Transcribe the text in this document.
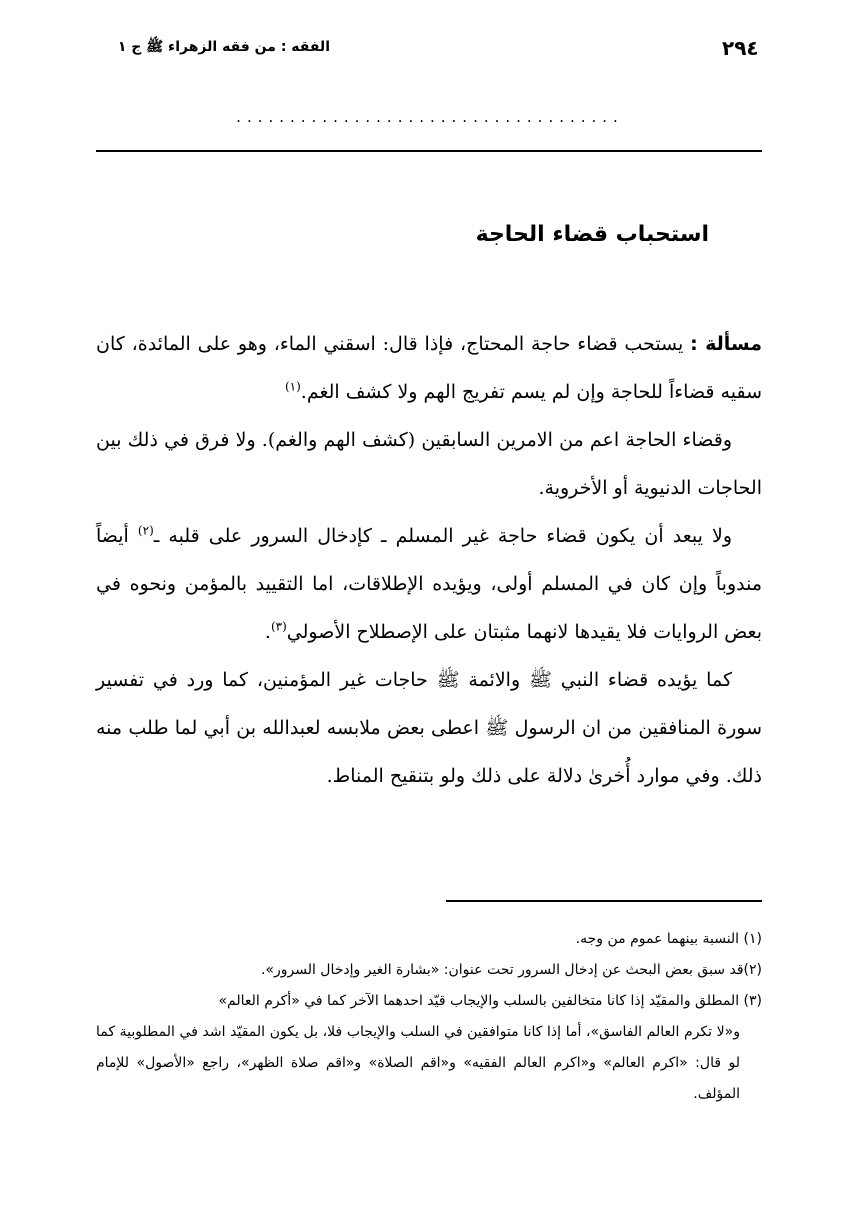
٢٩٤
الفقه : من فقه الزهراء ﷺ ج ١
....................................
استحباب قضاء الحاجة

مسألة : يستحب قضاء حاجة المحتاج، فإذا قال: اسقني الماء، وهو على المائدة، كان سقيه قضاءاً للحاجة وإن لم يسم تفريج الهم ولا كشف الغم.$^{(١)}$

وقضاء الحاجة اعم من الامرين السابقين (كشف الهم والغم). ولا فرق في ذلك بين الحاجات الدنيوية أو الأخروية.

ولا يبعد أن يكون قضاء حاجة غير المسلم ـ كإدخال السرور على قلبه ـ$^{(٢)}$ أيضاً مندوباً وإن كان في المسلم أولى، ويؤيده الإطلاقات، اما التقييد بالمؤمن ونحوه في بعض الروايات فلا يقيدها لانهما مثبتان على الإصطلاح الأصولي$^{(٣)}$.

كما يؤيده قضاء النبي ﷺ والائمة ﷺ حاجات غير المؤمنين، كما ورد في تفسير سورة المنافقين من ان الرسول ﷺ اعطى بعض ملابسه لعبدالله بن أبي لما طلب منه ذلك. وفي موارد أُخرىٰ دلالة على ذلك ولو بتنقيح المناط.

(١) النسبة بينهما عموم من وجه.

(٢)قد سبق بعض البحث عن إدخال السرور تحت عنوان: «بشارة الغير وإدخال السرور».

(٣) المطلق والمقيّد إذا كانا متخالفين بالسلب والإيجاب قيّد احدهما الآخر كما في «أكرم العالم»

و«لا تكرم العالم الفاسق»، أما إذا كانا متوافقين في السلب والإيجاب فلا، بل يكون المقيّد اشد في المطلوبية كما لو قال: «اكرم العالم» و«اكرم العالم الفقيه» و«اقم الصلاة» و«اقم صلاة الظهر»، راجع «الأصول» للإمام المؤلف.
